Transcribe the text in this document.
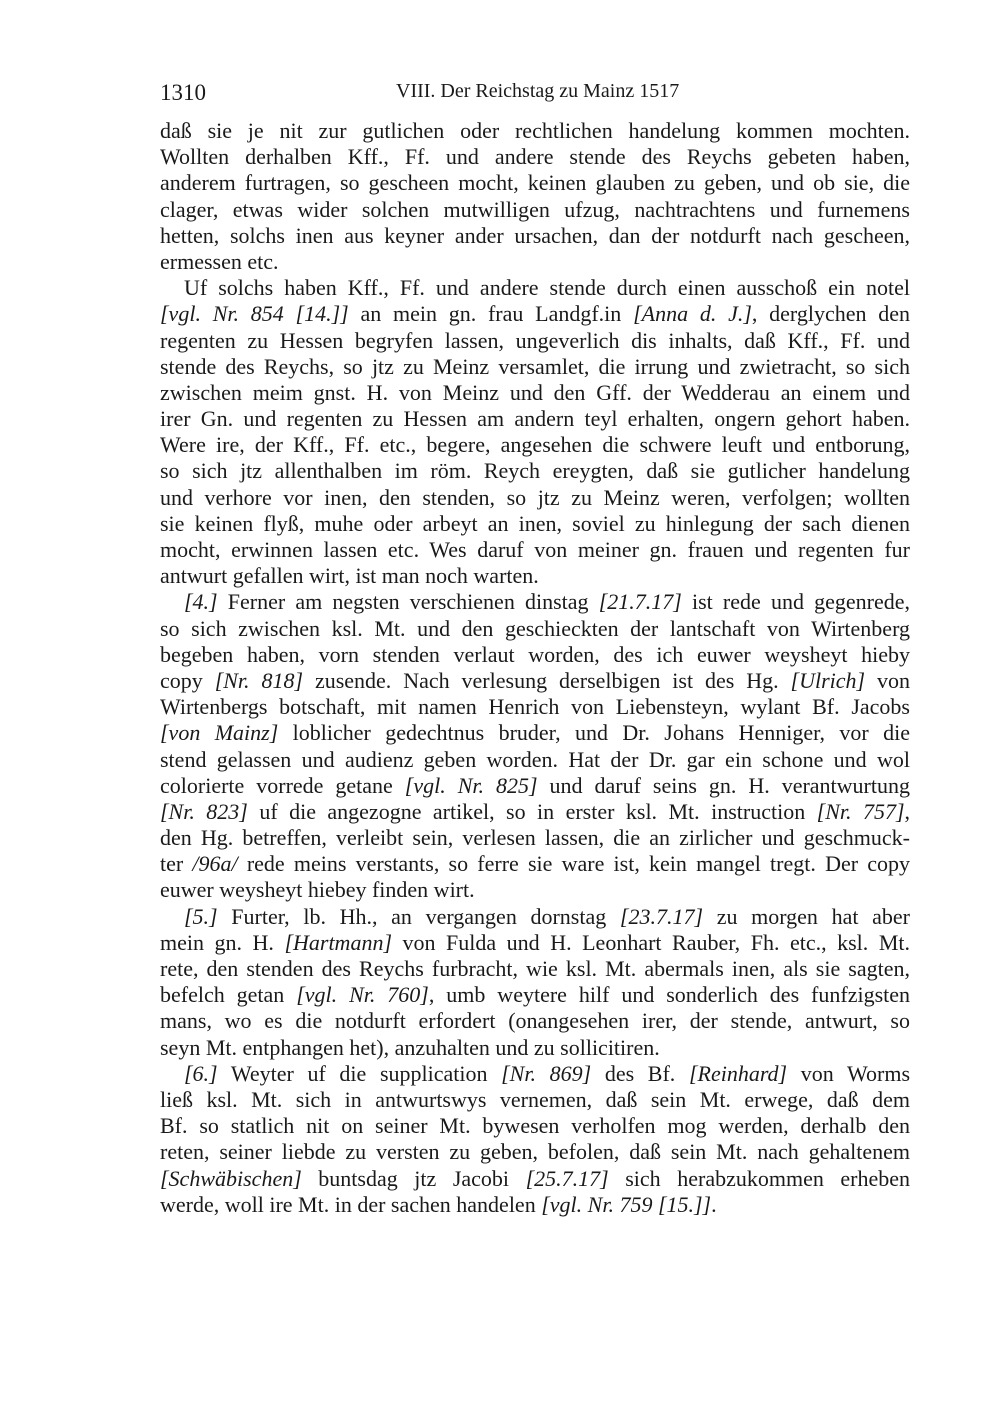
1310	VIII. Der Reichstag zu Mainz 1517
daß sie je nit zur gutlichen oder rechtlichen handelung kommen mochten.
Wollten derhalben Kff., Ff. und andere stende des Reychs gebeten haben,
anderem furtragen, so gescheen mocht, keinen glauben zu geben, und ob sie, die
clager, etwas wider solchen mutwilligen ufzug, nachtrachtens und furnemens
hetten, solchs inen aus keyner ander ursachen, dan der notdurft nach gescheen,
ermessen etc.
Uf solchs haben Kff., Ff. und andere stende durch einen ausschoß ein notel
[vgl. Nr. 854 [14.]] an mein gn. frau Landgf.in [Anna d. J.], derglychen den
regenten zu Hessen begryfen lassen, ungeverlich dis inhalts, daß Kff., Ff. und
stende des Reychs, so jtz zu Meinz versamlet, die irrung und zwietracht, so sich
zwischen meim gnst. H. von Meinz und den Gff. der Wedderau an einem und
irer Gn. und regenten zu Hessen am andern teyl erhalten, ongern gehort haben.
Were ire, der Kff., Ff. etc., begere, angesehen die schwere leuft und entborung,
so sich jtz allenthalben im röm. Reych ereygten, daß sie gutlicher handelung
und verhore vor inen, den stenden, so jtz zu Meinz weren, verfolgen; wollten
sie keinen flyß, muhe oder arbeyt an inen, soviel zu hinlegung der sach dienen
mocht, erwinnen lassen etc. Wes daruf von meiner gn. frauen und regenten fur
antwurt gefallen wirt, ist man noch warten.
[4.] Ferner am negsten verschienen dinstag [21.7.17] ist rede und gegenrede,
so sich zwischen ksl. Mt. und den geschieckten der lantschaft von Wirtenberg
begeben haben, vorn stenden verlaut worden, des ich euwer weysheyt hieby
copy [Nr. 818] zusende. Nach verlesung derselbigen ist des Hg. [Ulrich] von
Wirtenbergs botschaft, mit namen Henrich von Liebensteyn, wylant Bf. Jacobs
[von Mainz] loblicher gedechtnus bruder, und Dr. Johans Henniger, vor die
stend gelassen und audienz geben worden. Hat der Dr. gar ein schone und wol
colorierte vorrede getane [vgl. Nr. 825] und daruf seins gn. H. verantwurtung
[Nr. 823] uf die angezogne artikel, so in erster ksl. Mt. instruction [Nr. 757],
den Hg. betreffen, verleibt sein, verlesen lassen, die an zirlicher und geschmuck-
ter /96a/ rede meins verstants, so ferre sie ware ist, kein mangel tregt. Der copy
euwer weysheyt hiebey finden wirt.
[5.] Furter, lb. Hh., an vergangen dornstag [23.7.17] zu morgen hat aber
mein gn. H. [Hartmann] von Fulda und H. Leonhart Rauber, Fh. etc., ksl. Mt.
rete, den stenden des Reychs furbracht, wie ksl. Mt. abermals inen, als sie sagten,
befelch getan [vgl. Nr. 760], umb weytere hilf und sonderlich des funfzigsten
mans, wo es die notdurft erfordert (onangesehen irer, der stende, antwurt, so
seyn Mt. entphangen het), anzuhalten und zu sollicitiren.
[6.] Weyter uf die supplication [Nr. 869] des Bf. [Reinhard] von Worms
ließ ksl. Mt. sich in antwurtswys vernemen, daß sein Mt. erwege, daß dem
Bf. so statlich nit on seiner Mt. bywesen verholfen mog werden, derhalb den
reten, seiner liebde zu versten zu geben, befolen, daß sein Mt. nach gehaltenem
[Schwäbischen] buntsdag jtz Jacobi [25.7.17] sich herabzukommen erheben
werde, woll ire Mt. in der sachen handelen [vgl. Nr. 759 [15.]].
